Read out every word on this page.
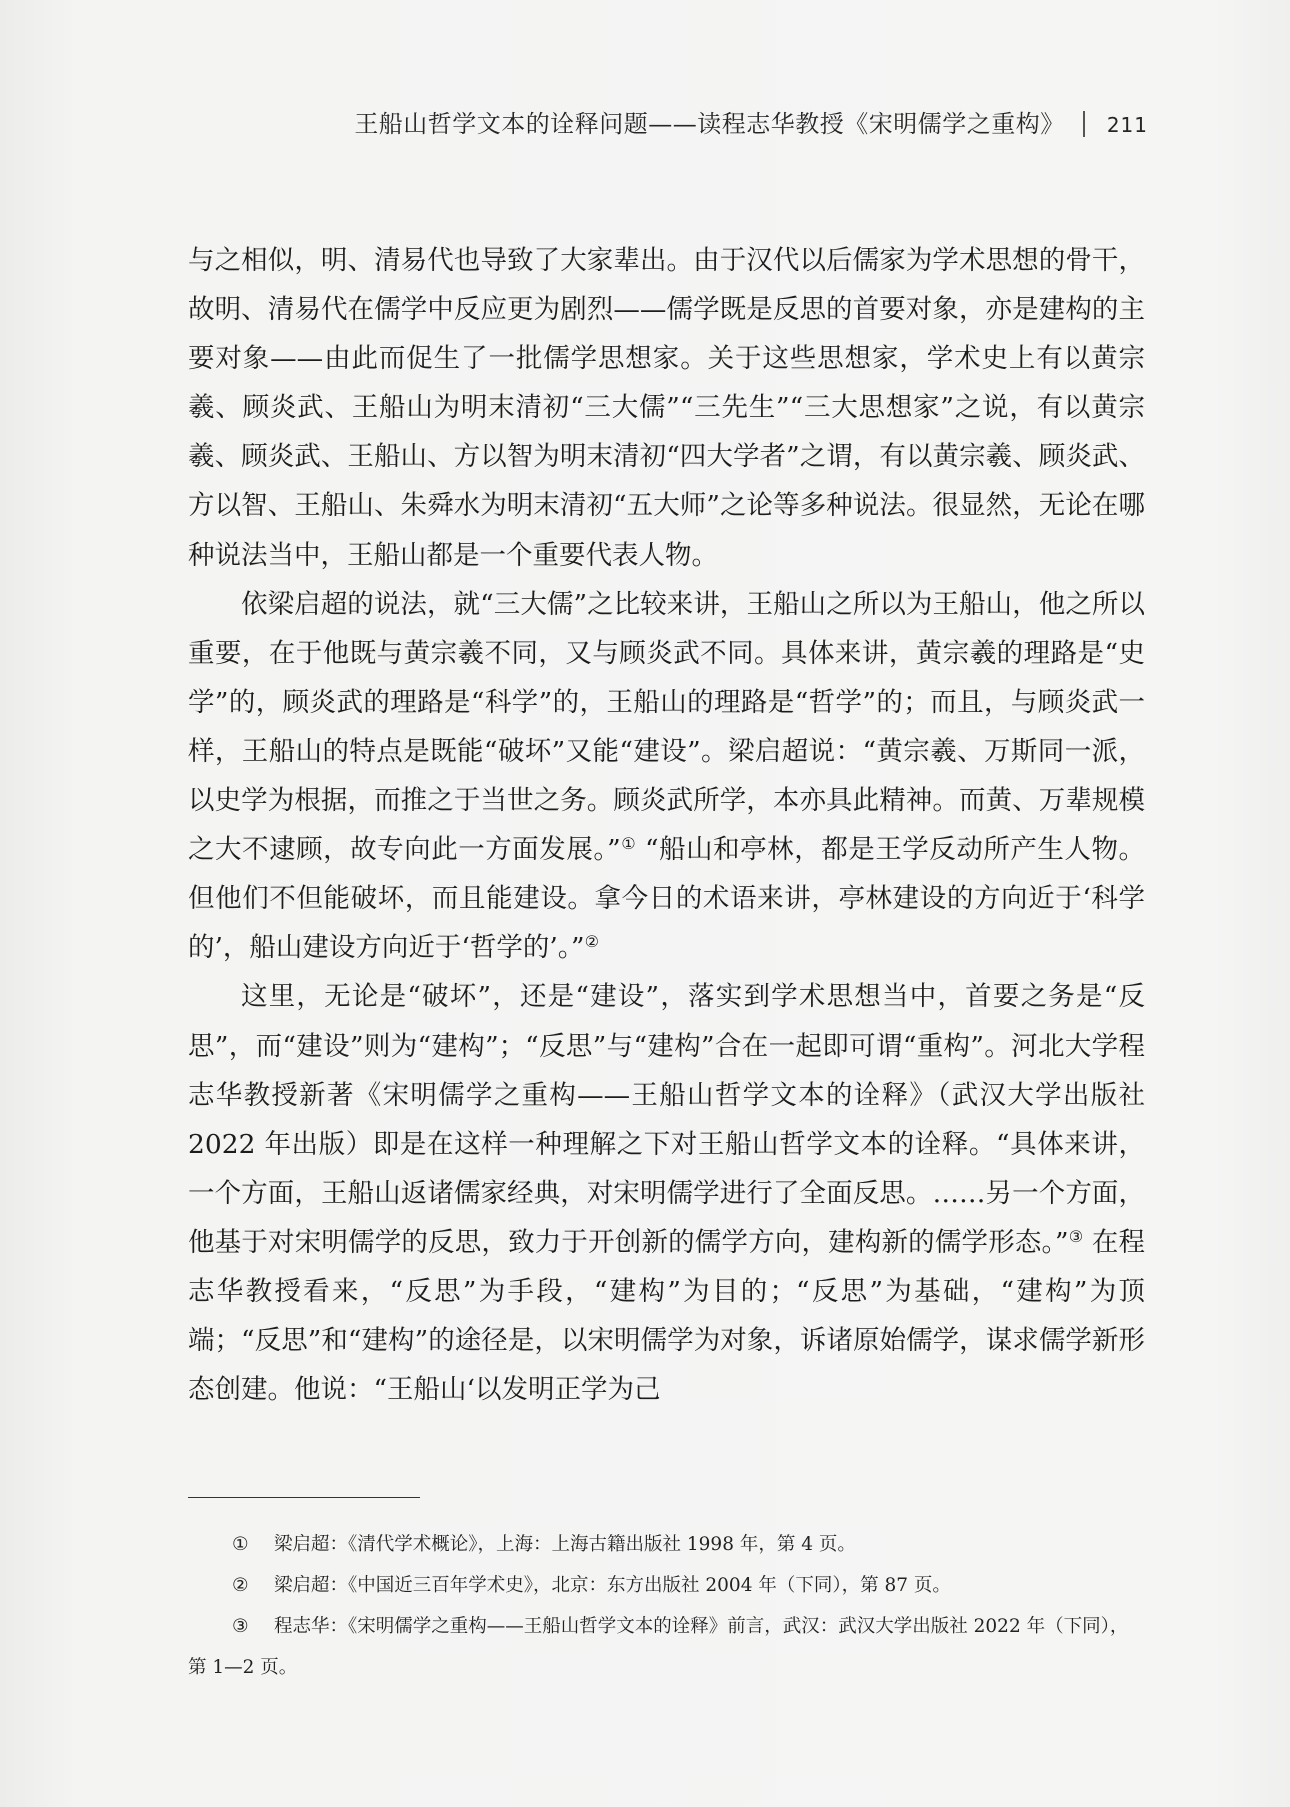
王船山哲学文本的诠释问题——读程志华教授《宋明儒学之重构》 211

与之相似，明、清易代也导致了大家辈出。由于汉代以后儒家为学术思想的骨干，故明、清易代在儒学中反应更为剧烈——儒学既是反思的首要对象，亦是建构的主要对象——由此而促生了一批儒学思想家。关于这些思想家，学术史上有以黄宗羲、顾炎武、王船山为明末清初“三大儒”“三先生”“三大思想家”之说，有以黄宗羲、顾炎武、王船山、方以智为明末清初“四大学者”之谓，有以黄宗羲、顾炎武、方以智、王船山、朱舜水为明末清初“五大师”之论等多种说法。很显然，无论在哪种说法当中，王船山都是一个重要代表人物。

依梁启超的说法，就“三大儒”之比较来讲，王船山之所以为王船山，他之所以重要，在于他既与黄宗羲不同，又与顾炎武不同。具体来讲，黄宗羲的理路是“史学”的，顾炎武的理路是“科学”的，王船山的理路是“哲学”的；而且，与顾炎武一样，王船山的特点是既能“破坏”又能“建设”。梁启超说：“黄宗羲、万斯同一派，以史学为根据，而推之于当世之务。顾炎武所学，本亦具此精神。而黄、万辈规模之大不逮顾，故专向此一方面发展。”① “船山和亭林，都是王学反动所产生人物。但他们不但能破坏，而且能建设。拿今日的术语来讲，亭林建设的方向近于‘科学的’，船山建设方向近于‘哲学的’。”②

这里，无论是“破坏”，还是“建设”，落实到学术思想当中，首要之务是“反思”，而“建设”则为“建构”；“反思”与“建构”合在一起即可谓“重构”。河北大学程志华教授新著《宋明儒学之重构——王船山哲学文本的诠释》（武汉大学出版社 2022 年出版）即是在这样一种理解之下对王船山哲学文本的诠释。“具体来讲，一个方面，王船山返诸儒家经典，对宋明儒学进行了全面反思。……另一个方面，他基于对宋明儒学的反思，致力于开创新的儒学方向，建构新的儒学形态。”③ 在程志华教授看来，“反思”为手段，“建构”为目的；“反思”为基础，“建构”为顶端；“反思”和“建构”的途径是，以宋明儒学为对象，诉诸原始儒学，谋求儒学新形态创建。他说：“王船山‘以发明正学为己

① 梁启超：《清代学术概论》，上海：上海古籍出版社 1998 年，第 4 页。

② 梁启超：《中国近三百年学术史》，北京：东方出版社 2004 年（下同），第 87 页。

③ 程志华：《宋明儒学之重构——王船山哲学文本的诠释》前言，武汉：武汉大学出版社 2022 年（下同），第 1—2 页。
